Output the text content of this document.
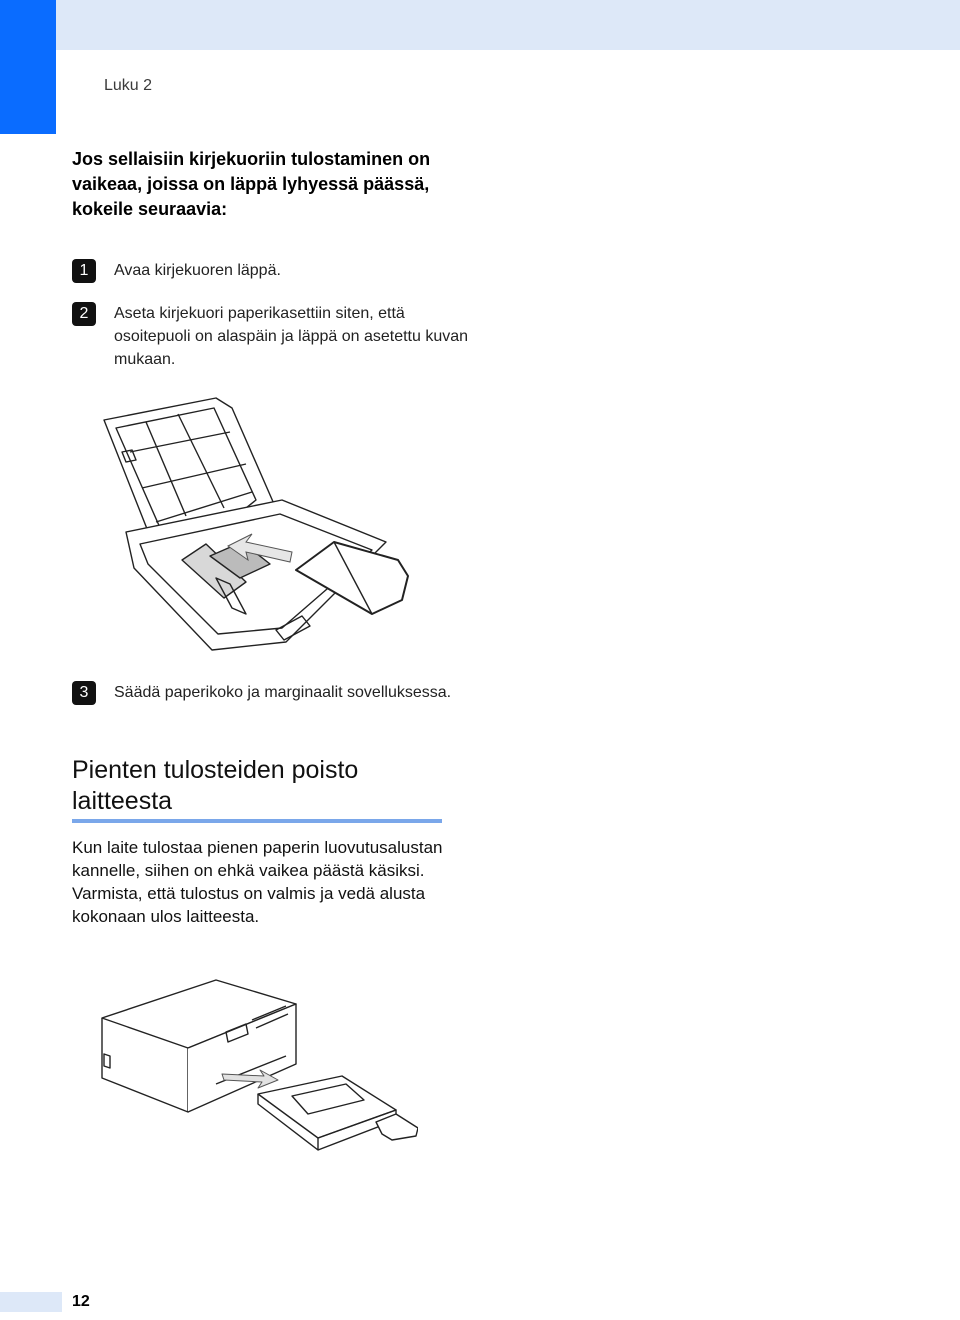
Luku 2
Jos sellaisiin kirjekuoriin tulostaminen on vaikeaa, joissa on läppä lyhyessä päässä, kokeile seuraavia:
1	Avaa kirjekuoren läppä.
2	Aseta kirjekuori paperikasettiin siten, että osoitepuoli on alaspäin ja läppä on asetettu kuvan mukaan.
3	Säädä paperikoko ja marginaalit sovelluksessa.
Pienten tulosteiden poisto laitteesta
Kun laite tulostaa pienen paperin luovutusalustan kannelle, siihen on ehkä vaikea päästä käsiksi. Varmista, että tulostus on valmis ja vedä alusta kokonaan ulos laitteesta.
12
